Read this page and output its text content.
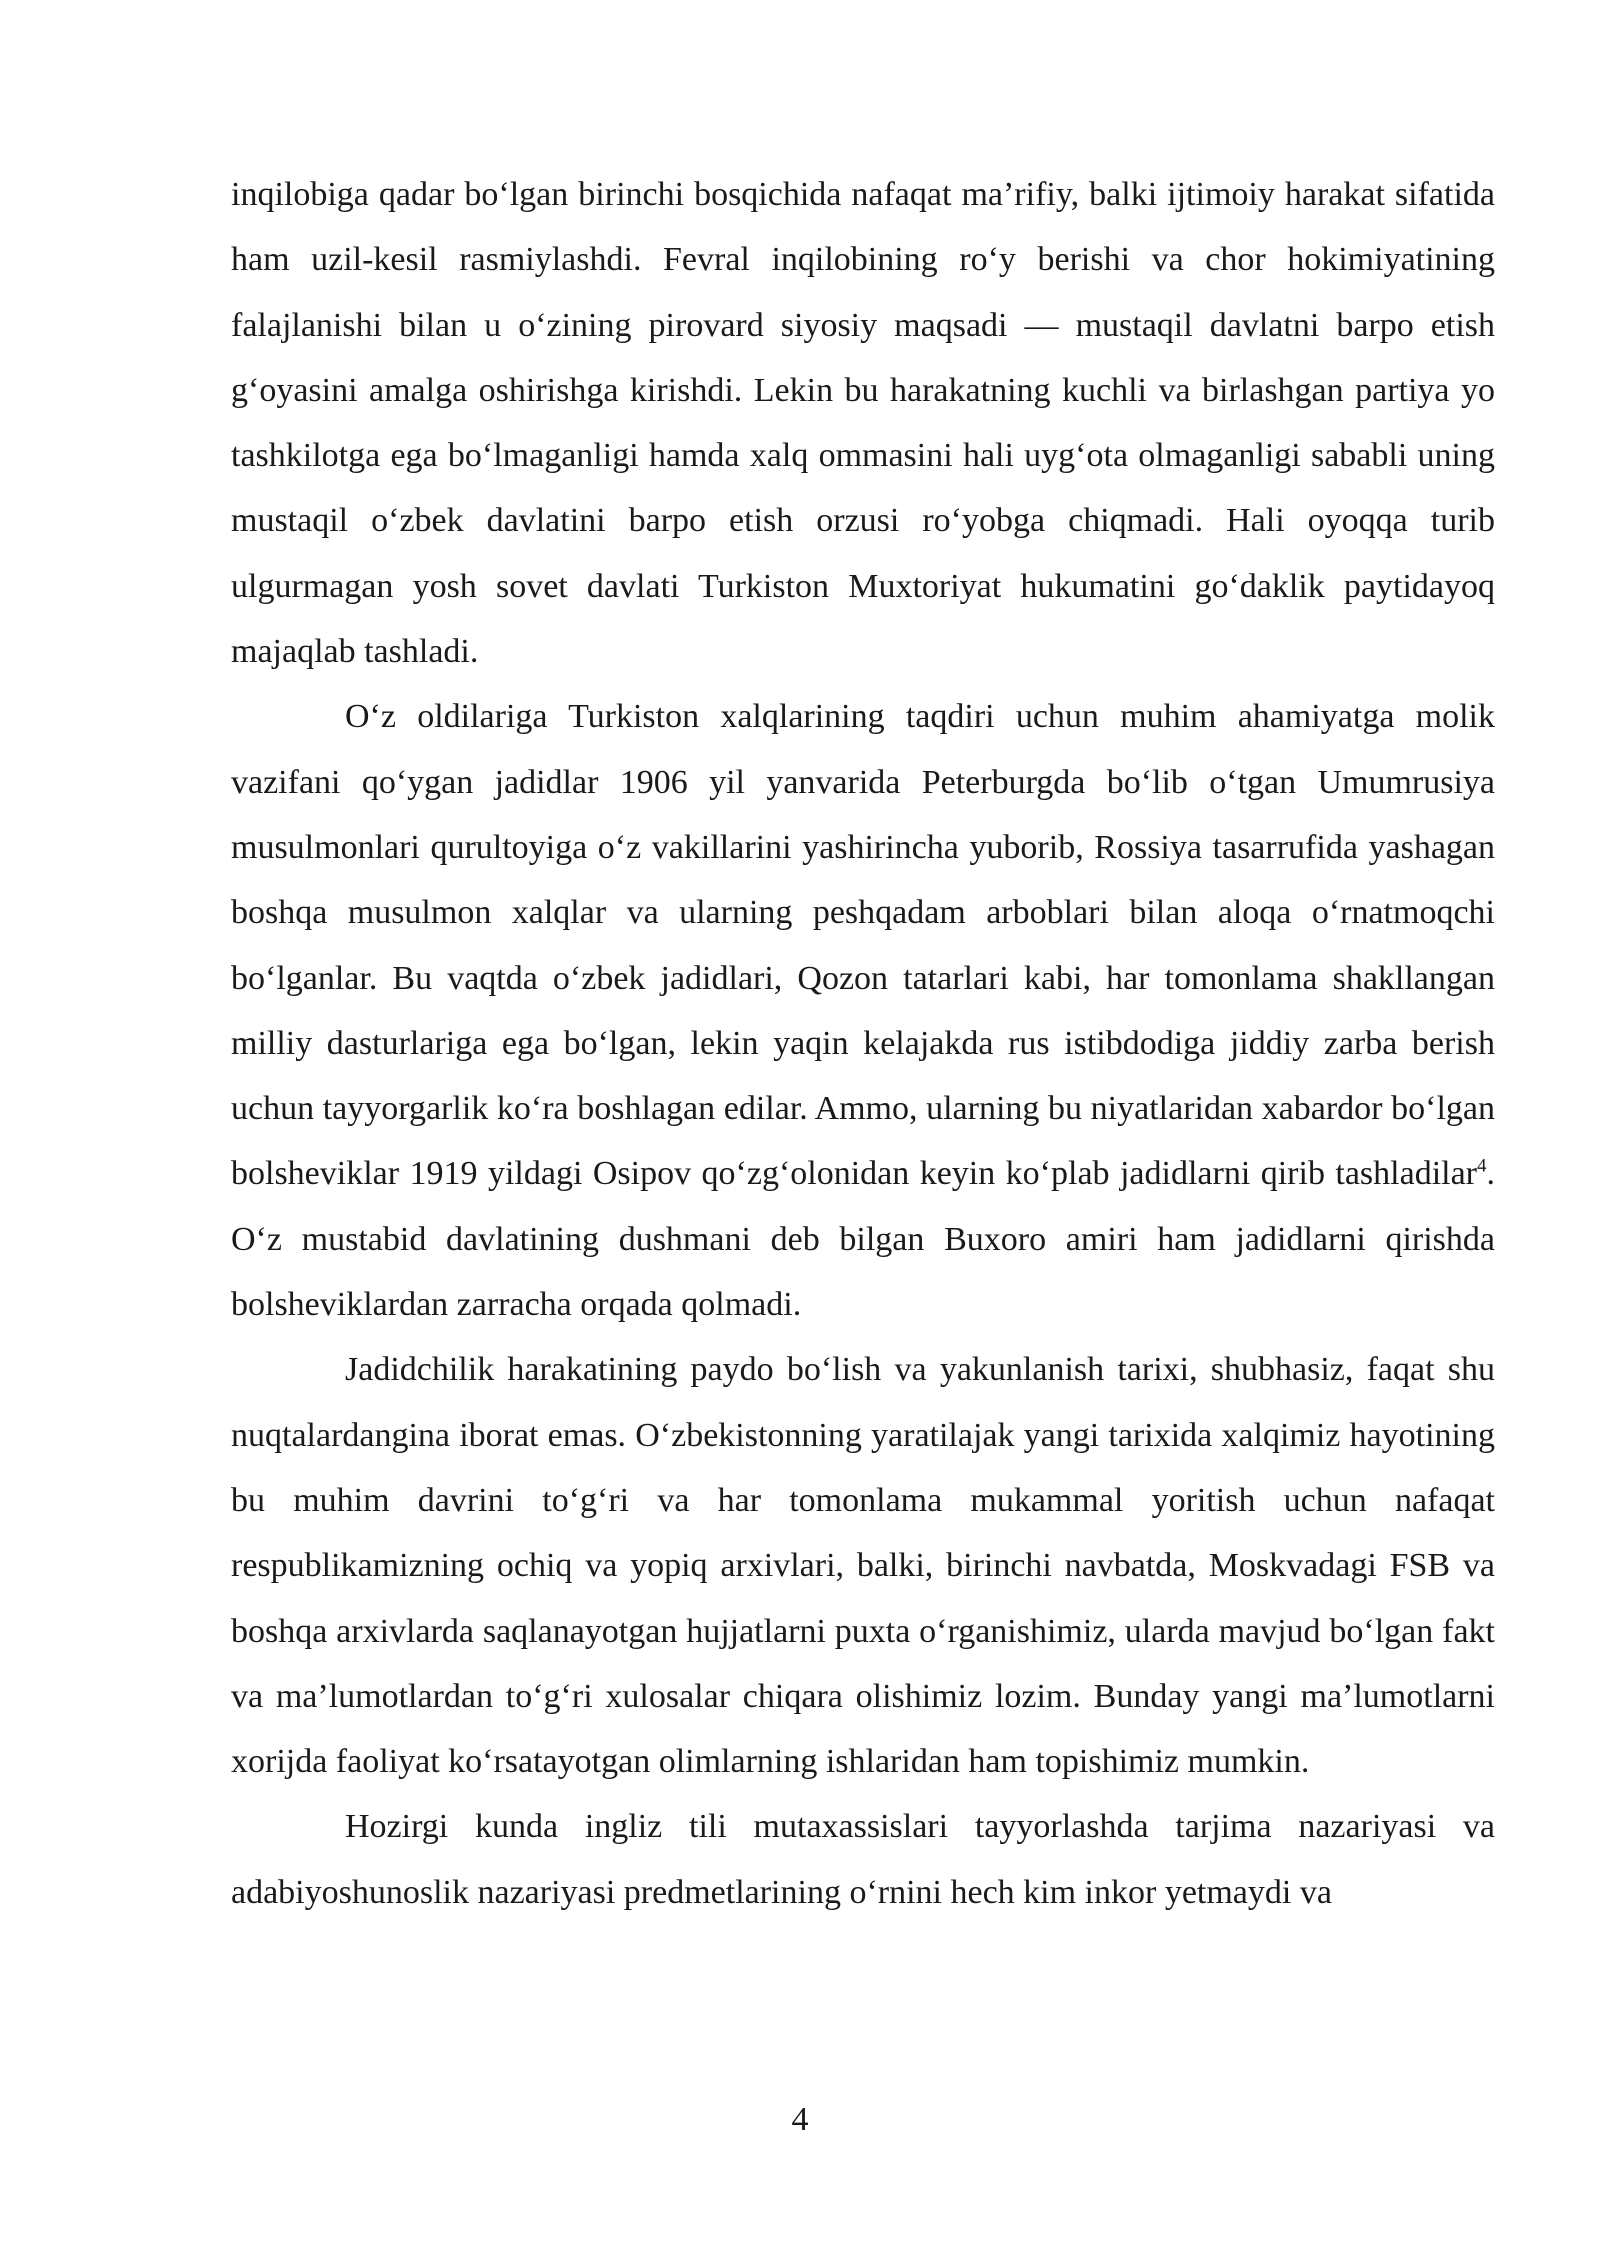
inqilobiga qadar bo‘lgan birinchi bosqichida nafaqat ma’rifiy, balki ijtimoiy harakat sifatida ham uzil-kesil rasmiylashdi. Fevral inqilobining ro‘y berishi va chor hokimiyatining falajlanishi bilan u o‘zining pirovard siyosiy maqsadi — mustaqil davlatni barpo etish g‘oyasini amalga oshirishga kirishdi. Lekin bu harakatning kuchli va birlashgan partiya yo tashkilotga ega bo‘lmaganligi hamda xalq ommasini hali uyg‘ota olmaganligi sababli uning mustaqil o‘zbek davlatini barpo etish orzusi ro‘yobga chiqmadi. Hali oyoqqa turib ulgurmagan yosh sovet davlati Turkiston Muxtoriyat hukumatini go‘daklik paytidayoq majaqlab tashladi.

O‘z oldilariga Turkiston xalqlarining taqdiri uchun muhim ahamiyatga molik vazifani qo‘ygan jadidlar 1906 yil yanvarida Peterburgda bo‘lib o‘tgan Umumrusiya musulmonlari qurultoyiga o‘z vakillarini yashirincha yuborib, Rossiya tasarrufida yashagan boshqa musulmon xalqlar va ularning peshqadam arboblari bilan aloqa o‘rnatmoqchi bo‘lganlar. Bu vaqtda o‘zbek jadidlari, Qozon tatarlari kabi, har tomonlama shakllangan milliy dasturlariga ega bo‘lgan, lekin yaqin kelajakda rus istibdodiga jiddiy zarba berish uchun tayyorgarlik ko‘ra boshlagan edilar. Ammo, ularning bu niyatlaridan xabardor bo‘lgan bolsheviklar 1919 yildagi Osipov qo‘zg‘olonidan keyin ko‘plab jadidlarni qirib tashladilar$^4$. O‘z mustabid davlatining dushmani deb bilgan Buxoro amiri ham jadidlarni qirishda bolsheviklardan zarracha orqada qolmadi.

Jadidchilik harakatining paydo bo‘lish va yakunlanish tarixi, shubhasiz, faqat shu nuqtalardangina iborat emas. O‘zbekistonning yaratilajak yangi tarixida xalqimiz hayotining bu muhim davrini to‘g‘ri va har tomonlama mukammal yoritish uchun nafaqat respublikamizning ochiq va yopiq arxivlari, balki, birinchi navbatda, Moskvadagi FSB va boshqa arxivlarda saqlanayotgan hujjatlarni puxta o‘rganishimiz, ularda mavjud bo‘lgan fakt va ma’lumotlardan to‘g‘ri xulosalar chiqara olishimiz lozim. Bunday yangi ma’lumotlarni xorijda faoliyat ko‘rsatayotgan olimlarning ishlaridan ham topishimiz mumkin.

Hozirgi kunda ingliz tili mutaxassislari tayyorlashda tarjima nazariyasi va adabiyoshunoslik nazariyasi predmetlarining o‘rnini hech kim inkor yetmaydi va

4
